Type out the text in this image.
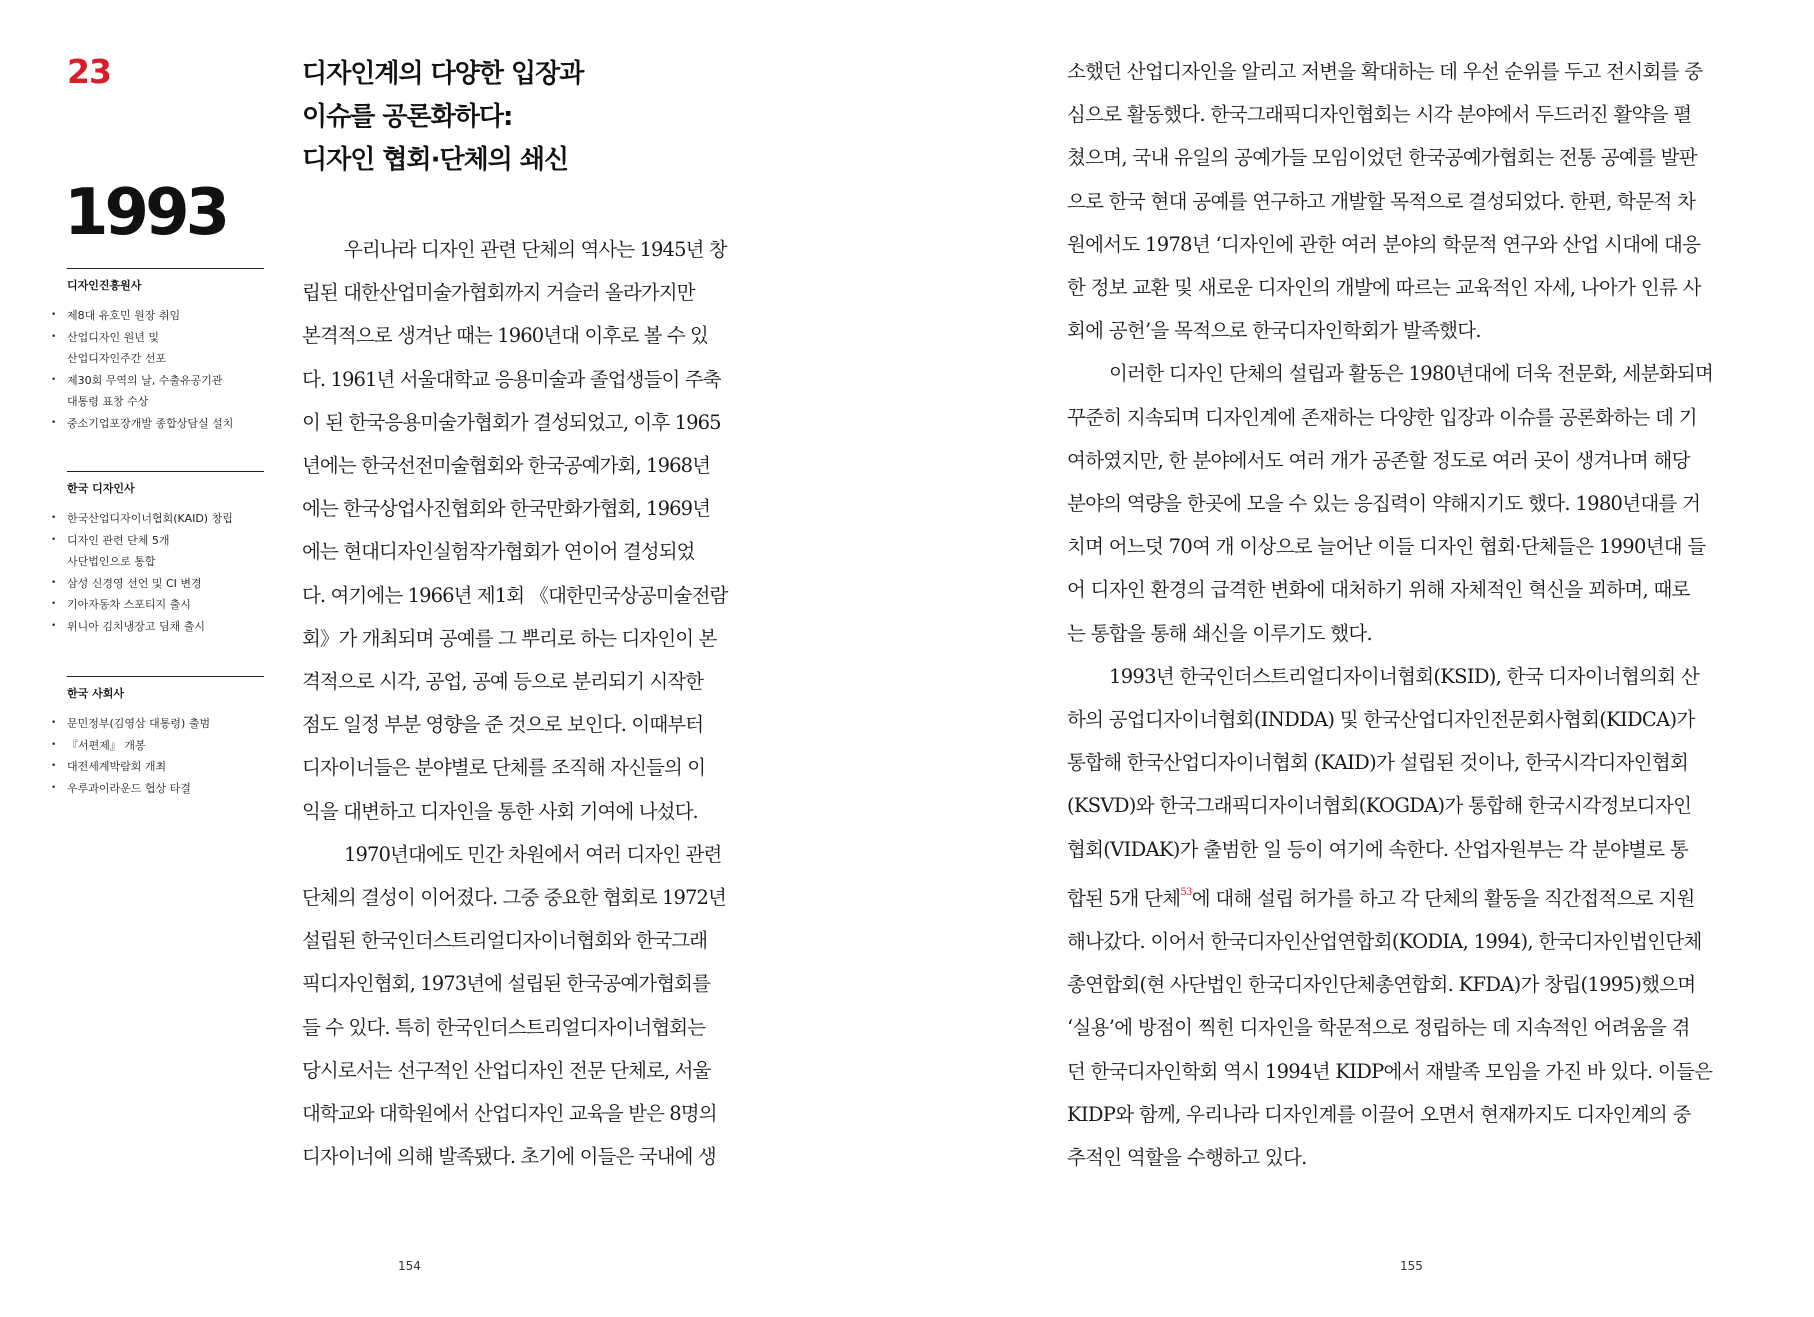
23
1993
디자인진흥원사
• 제8대 유호민 원장 취임
• 산업디자인 원년 및
산업디자인주간 선포
• 제30회 무역의 날, 수출유공기관
대통령 표창 수상
• 중소기업포장개발 종합상담실 설치
한국 디자인사
• 한국산업디자이너협회(KAID) 창립
• 디자인 관련 단체 5개
사단법인으로 통합
• 삼성 신경영 선언 및 CI 변경
• 기아자동차 스포티지 출시
• 위니아 김치냉장고 딤채 출시
한국 사회사
• 문민정부(김영삼 대통령) 출범
• 『서편제』 개봉
• 대전세계박람회 개최
• 우루과이라운드 협상 타결
디자인계의 다양한 입장과
이슈를 공론화하다:
디자인 협회·단체의 쇄신

우리나라 디자인 관련 단체의 역사는 1945년 창
립된 대한산업미술가협회까지 거슬러 올라가지만
본격적으로 생겨난 때는 1960년대 이후로 볼 수 있
다. 1961년 서울대학교 응용미술과 졸업생들이 주축
이 된 한국응용미술가협회가 결성되었고, 이후 1965
년에는 한국선전미술협회와 한국공예가회, 1968년
에는 한국상업사진협회와 한국만화가협회, 1969년
에는 현대디자인실험작가협회가 연이어 결성되었
다. 여기에는 1966년 제1회 《대한민국상공미술전람
회》가 개최되며 공예를 그 뿌리로 하는 디자인이 본
격적으로 시각, 공업, 공예 등으로 분리되기 시작한
점도 일정 부분 영향을 준 것으로 보인다. 이때부터
디자이너들은 분야별로 단체를 조직해 자신들의 이
익을 대변하고 디자인을 통한 사회 기여에 나섰다.

1970년대에도 민간 차원에서 여러 디자인 관련
단체의 결성이 이어졌다. 그중 중요한 협회로 1972년
설립된 한국인더스트리얼디자이너협회와 한국그래
픽디자인협회, 1973년에 설립된 한국공예가협회를
들 수 있다. 특히 한국인더스트리얼디자이너협회는
당시로서는 선구적인 산업디자인 전문 단체로, 서울
대학교와 대학원에서 산업디자인 교육을 받은 8명의
디자이너에 의해 발족됐다. 초기에 이들은 국내에 생

소했던 산업디자인을 알리고 저변을 확대하는 데 우선 순위를 두고 전시회를 중
심으로 활동했다. 한국그래픽디자인협회는 시각 분야에서 두드러진 활약을 펼
쳤으며, 국내 유일의 공예가들 모임이었던 한국공예가협회는 전통 공예를 발판
으로 한국 현대 공예를 연구하고 개발할 목적으로 결성되었다. 한편, 학문적 차
원에서도 1978년 ‘디자인에 관한 여러 분야의 학문적 연구와 산업 시대에 대응
한 정보 교환 및 새로운 디자인의 개발에 따르는 교육적인 자세, 나아가 인류 사
회에 공헌’을 목적으로 한국디자인학회가 발족했다.

이러한 디자인 단체의 설립과 활동은 1980년대에 더욱 전문화, 세분화되며
꾸준히 지속되며 디자인계에 존재하는 다양한 입장과 이슈를 공론화하는 데 기
여하였지만, 한 분야에서도 여러 개가 공존할 정도로 여러 곳이 생겨나며 해당
분야의 역량을 한곳에 모을 수 있는 응집력이 약해지기도 했다. 1980년대를 거
치며 어느덧 70여 개 이상으로 늘어난 이들 디자인 협회·단체들은 1990년대 들
어 디자인 환경의 급격한 변화에 대처하기 위해 자체적인 혁신을 꾀하며, 때로
는 통합을 통해 쇄신을 이루기도 했다.

1993년 한국인더스트리얼디자이너협회(KSID), 한국 디자이너협의회 산
하의 공업디자이너협회(INDDA) 및 한국산업디자인전문회사협회(KIDCA)가
통합해 한국산업디자이너협회 (KAID)가 설립된 것이나, 한국시각디자인협회
(KSVD)와 한국그래픽디자이너협회(KOGDA)가 통합해 한국시각정보디자인
협회(VIDAK)가 출범한 일 등이 여기에 속한다. 산업자원부는 각 분야별로 통
합된 5개 단체$^{53}$에 대해 설립 허가를 하고 각 단체의 활동을 직간접적으로 지원
해나갔다. 이어서 한국디자인산업연합회(KODIA, 1994), 한국디자인법인단체
총연합회(현 사단법인 한국디자인단체총연합회. KFDA)가 창립(1995)했으며
‘실용’에 방점이 찍힌 디자인을 학문적으로 정립하는 데 지속적인 어려움을 겪
던 한국디자인학회 역시 1994년 KIDP에서 재발족 모임을 가진 바 있다. 이들은
KIDP와 함께, 우리나라 디자인계를 이끌어 오면서 현재까지도 디자인계의 중
추적인 역할을 수행하고 있다.

154	155
